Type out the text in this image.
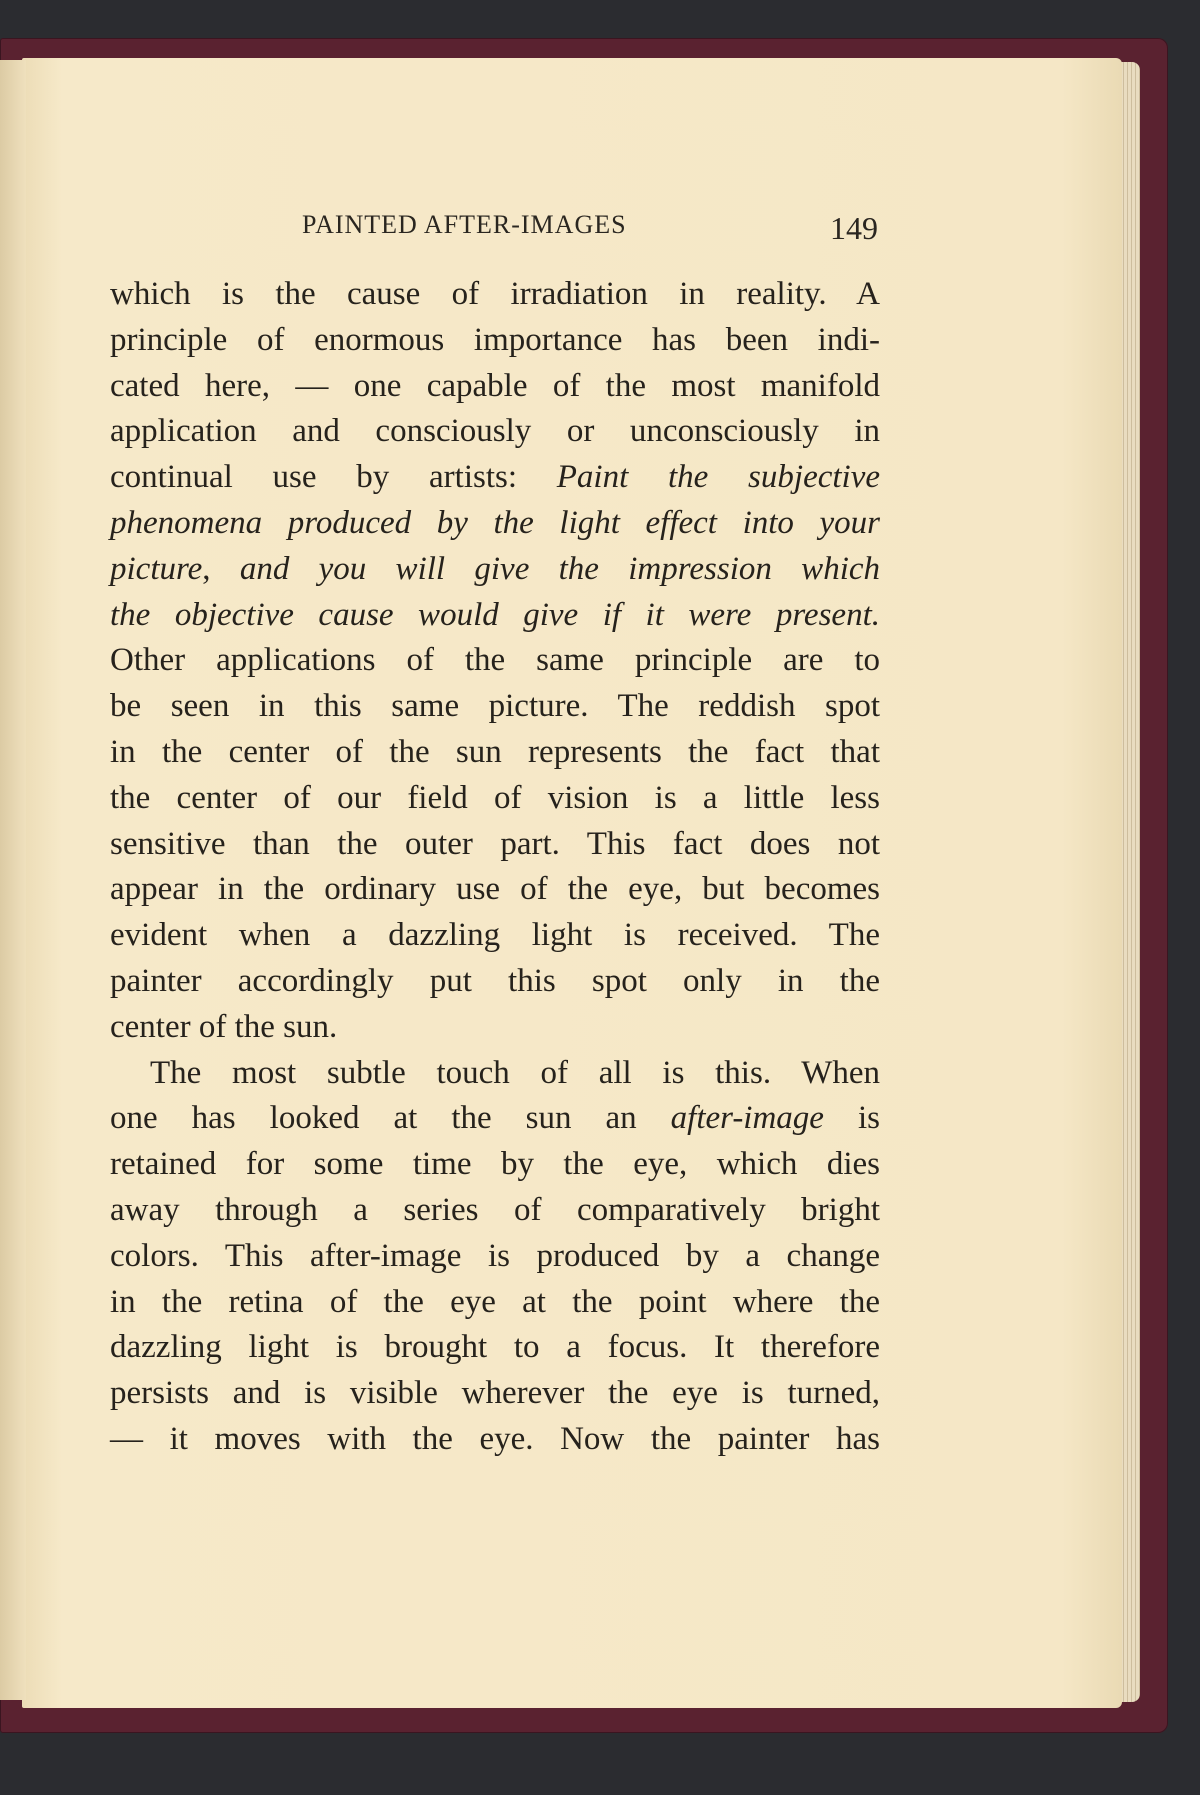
PAINTED AFTER-IMAGES	149
which is the cause of irradiation in reality. A
principle of enormous importance has been indi-
cated here, — one capable of the most manifold
application and consciously or unconsciously in
continual use by artists: Paint the subjective
phenomena produced by the light effect into your
picture, and you will give the impression which
the objective cause would give if it were present.
Other applications of the same principle are to
be seen in this same picture. The reddish spot
in the center of the sun represents the fact that
the center of our field of vision is a little less
sensitive than the outer part. This fact does not
appear in the ordinary use of the eye, but becomes
evident when a dazzling light is received. The
painter accordingly put this spot only in the
center of the sun.
The most subtle touch of all is this. When
one has looked at the sun an after-image is
retained for some time by the eye, which dies
away through a series of comparatively bright
colors. This after-image is produced by a change
in the retina of the eye at the point where the
dazzling light is brought to a focus. It therefore
persists and is visible wherever the eye is turned,
— it moves with the eye. Now the painter has
